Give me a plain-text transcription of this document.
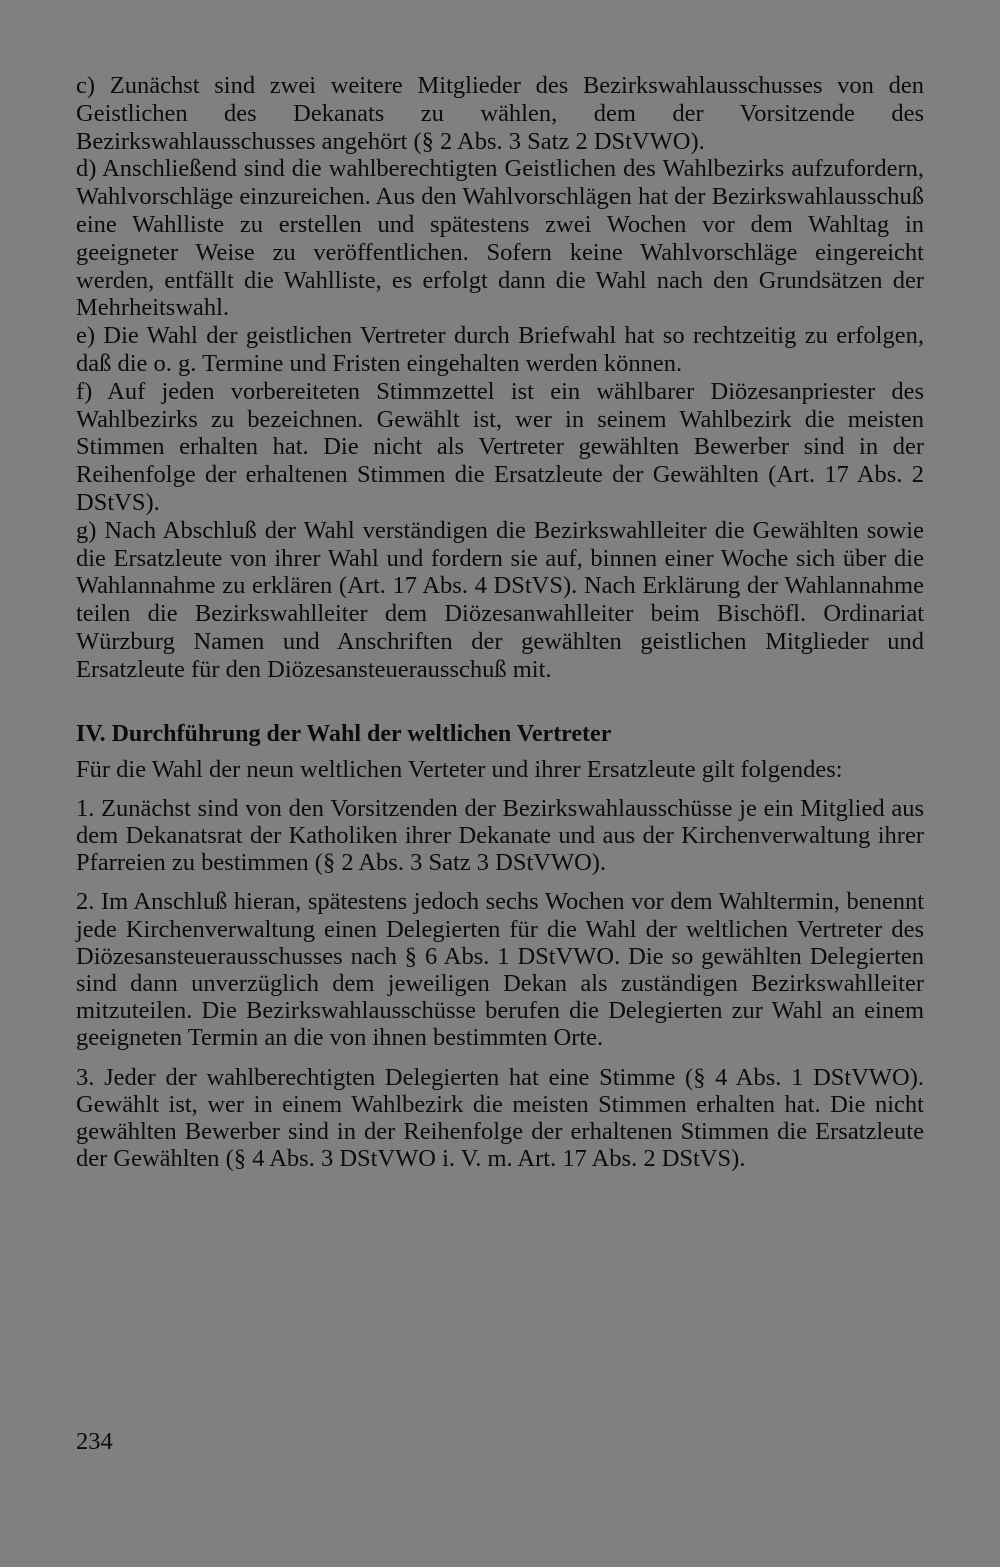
c) Zunächst sind zwei weitere Mitglieder des Bezirkswahlausschusses von den Geistlichen des Dekanats zu wählen, dem der Vorsitzende des Bezirkswahlausschusses angehört (§ 2 Abs. 3 Satz 2 DStVWO).

d) Anschließend sind die wahlberechtigten Geistlichen des Wahlbezirks aufzufordern, Wahlvorschläge einzureichen. Aus den Wahlvorschlägen hat der Bezirkswahlausschuß eine Wahlliste zu erstellen und spätestens zwei Wochen vor dem Wahltag in geeigneter Weise zu veröffentlichen. Sofern keine Wahlvorschläge eingereicht werden, entfällt die Wahlliste, es erfolgt dann die Wahl nach den Grundsätzen der Mehrheitswahl.

e) Die Wahl der geistlichen Vertreter durch Briefwahl hat so rechtzeitig zu erfolgen, daß die o. g. Termine und Fristen eingehalten werden können.

f) Auf jeden vorbereiteten Stimmzettel ist ein wählbarer Diözesanpriester des Wahlbezirks zu bezeichnen. Gewählt ist, wer in seinem Wahlbezirk die meisten Stimmen erhalten hat. Die nicht als Vertreter gewählten Bewerber sind in der Reihenfolge der erhaltenen Stimmen die Ersatzleute der Gewählten (Art. 17 Abs. 2 DStVS).

g) Nach Abschluß der Wahl verständigen die Bezirkswahlleiter die Gewählten sowie die Ersatzleute von ihrer Wahl und fordern sie auf, binnen einer Woche sich über die Wahlannahme zu erklären (Art. 17 Abs. 4 DStVS). Nach Erklärung der Wahlannahme teilen die Bezirkswahlleiter dem Diözesanwahlleiter beim Bischöfl. Ordinariat Würzburg Namen und Anschriften der gewählten geistlichen Mitglieder und Ersatzleute für den Diözesansteuerausschuß mit.

IV. Durchführung der Wahl der weltlichen Vertreter

Für die Wahl der neun weltlichen Verteter und ihrer Ersatzleute gilt folgendes:

1. Zunächst sind von den Vorsitzenden der Bezirkswahlausschüsse je ein Mitglied aus dem Dekanatsrat der Katholiken ihrer Dekanate und aus der Kirchenverwaltung ihrer Pfarreien zu bestimmen (§ 2 Abs. 3 Satz 3 DStVWO).

2. Im Anschluß hieran, spätestens jedoch sechs Wochen vor dem Wahltermin, benennt jede Kirchenverwaltung einen Delegierten für die Wahl der weltlichen Vertreter des Diözesansteuerausschusses nach § 6 Abs. 1 DStVWO. Die so gewählten Delegierten sind dann unverzüglich dem jeweiligen Dekan als zuständigen Bezirkswahlleiter mitzuteilen. Die Bezirkswahlausschüsse berufen die Delegierten zur Wahl an einem geeigneten Termin an die von ihnen bestimmten Orte.

3. Jeder der wahlberechtigten Delegierten hat eine Stimme (§ 4 Abs. 1 DStVWO). Gewählt ist, wer in einem Wahlbezirk die meisten Stimmen erhalten hat. Die nicht gewählten Bewerber sind in der Reihenfolge der erhaltenen Stimmen die Ersatzleute der Gewählten (§ 4 Abs. 3 DStVWO i. V. m. Art. 17 Abs. 2 DStVS).

234
